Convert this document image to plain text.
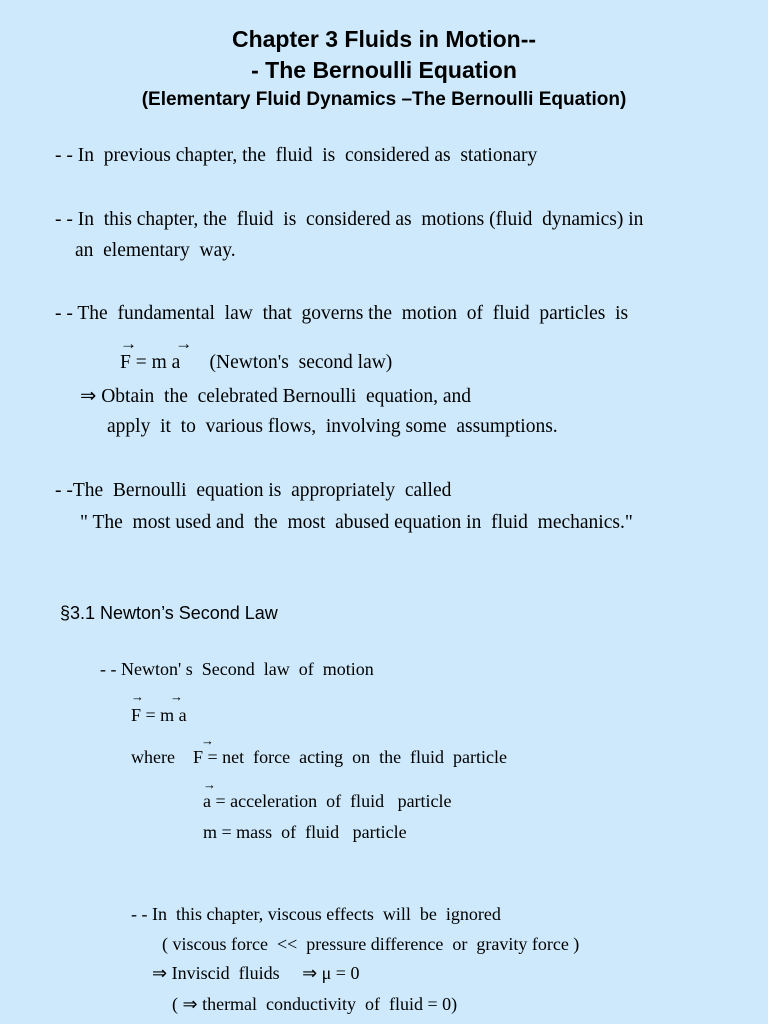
Chapter 3 Fluids in Motion--
- The Bernoulli Equation
(Elementary Fluid Dynamics –The Bernoulli Equation)
- - In  previous chapter, the  fluid  is  considered as  stationary
- - In  this chapter, the  fluid  is  considered as  motions (fluid  dynamics) in
an  elementary  way.
- - The  fundamental  law  that  governs the  motion  of  fluid  particles  is
→         →
F = m a      (Newton's  second law)
⇒ Obtain  the  celebrated Bernoulli  equation, and
apply  it  to  various flows,  involving some  assumptions.
- -The  Bernoulli  equation is  appropriately  called
" The  most used and  the  most  abused equation in  fluid  mechanics."
§3.1 Newton’s Second Law
- - Newton' s  Second  law  of  motion
→        →
F = m a
→
where    F = net  force  acting  on  the  fluid  particle
→
a = acceleration  of  fluid   particle
m = mass  of  fluid   particle
- - In  this chapter, viscous effects  will  be  ignored
( viscous force  <<  pressure difference  or  gravity force )
⇒ Inviscid  fluids     ⇒ μ = 0
( ⇒ thermal  conductivity  of  fluid = 0)
